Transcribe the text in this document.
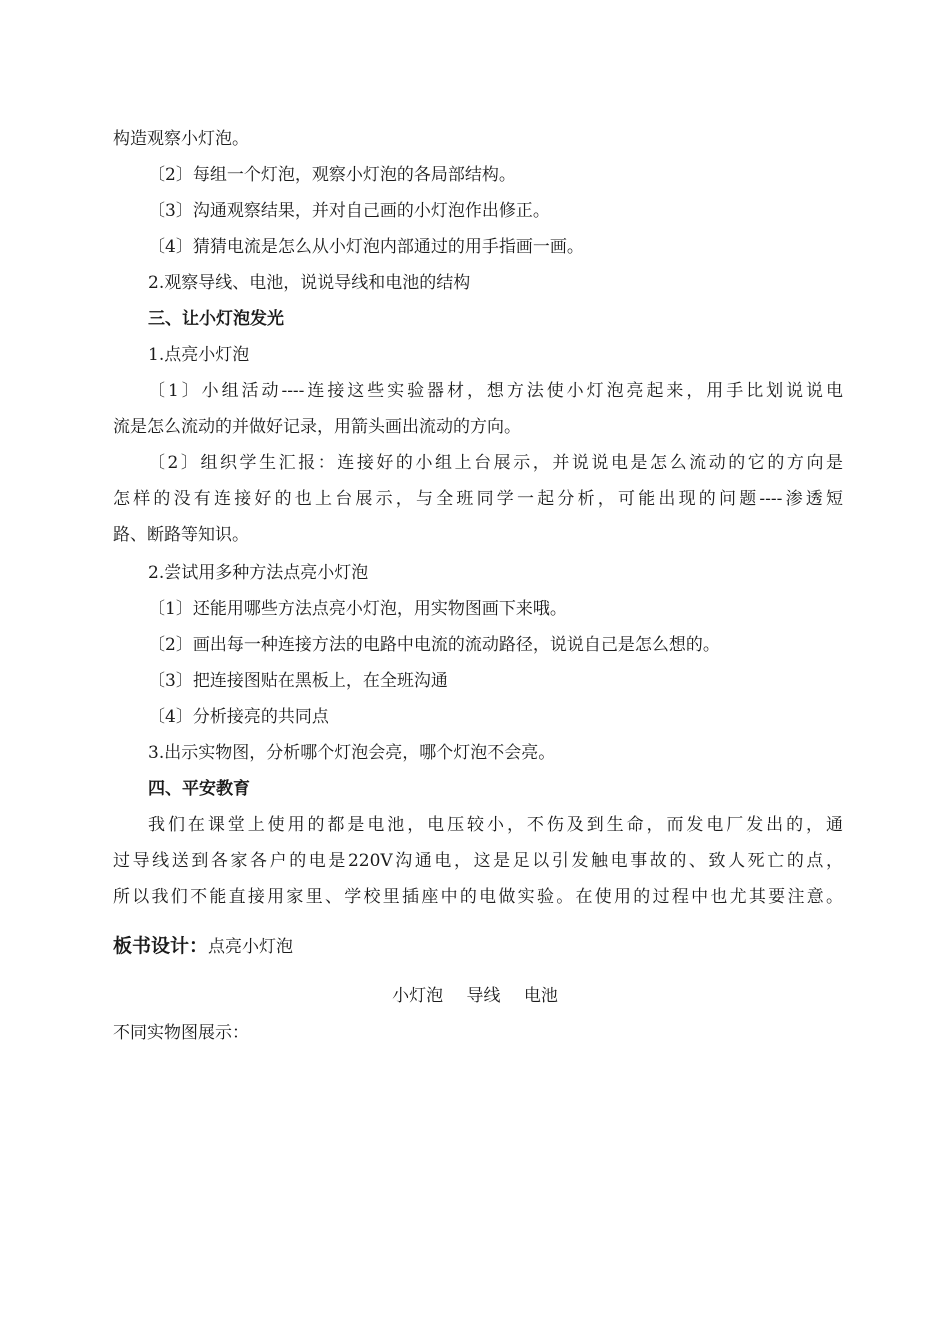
构造观察小灯泡。
〔2〕每组一个灯泡，观察小灯泡的各局部结构。
〔3〕沟通观察结果，并对自己画的小灯泡作出修正。
〔4〕猜猜电流是怎么从小灯泡内部通过的用手指画一画。
2.观察导线、电池，说说导线和电池的结构
三、让小灯泡发光
1.点亮小灯泡
〔1〕小组活动----连接这些实验器材，想方法使小灯泡亮起来，用手比划说说电
流是怎么流动的并做好记录，用箭头画出流动的方向。
〔2〕组织学生汇报：连接好的小组上台展示，并说说电是怎么流动的它的方向是
怎样的没有连接好的也上台展示，与全班同学一起分析，可能出现的问题----渗透短
路、断路等知识。
2.尝试用多种方法点亮小灯泡
〔1〕还能用哪些方法点亮小灯泡，用实物图画下来哦。
〔2〕画出每一种连接方法的电路中电流的流动路径，说说自己是怎么想的。
〔3〕把连接图贴在黑板上，在全班沟通
〔4〕分析接亮的共同点
3.出示实物图，分析哪个灯泡会亮，哪个灯泡不会亮。
四、平安教育
我们在课堂上使用的都是电池，电压较小，不伤及到生命，而发电厂发出的，通
过导线送到各家各户的电是220V沟通电，这是足以引发触电事故的、致人死亡的点，
所以我们不能直接用家里、学校里插座中的电做实验。在使用的过程中也尤其要注意。
板书设计：点亮小灯泡
小灯泡 导线 电池
不同实物图展示：
